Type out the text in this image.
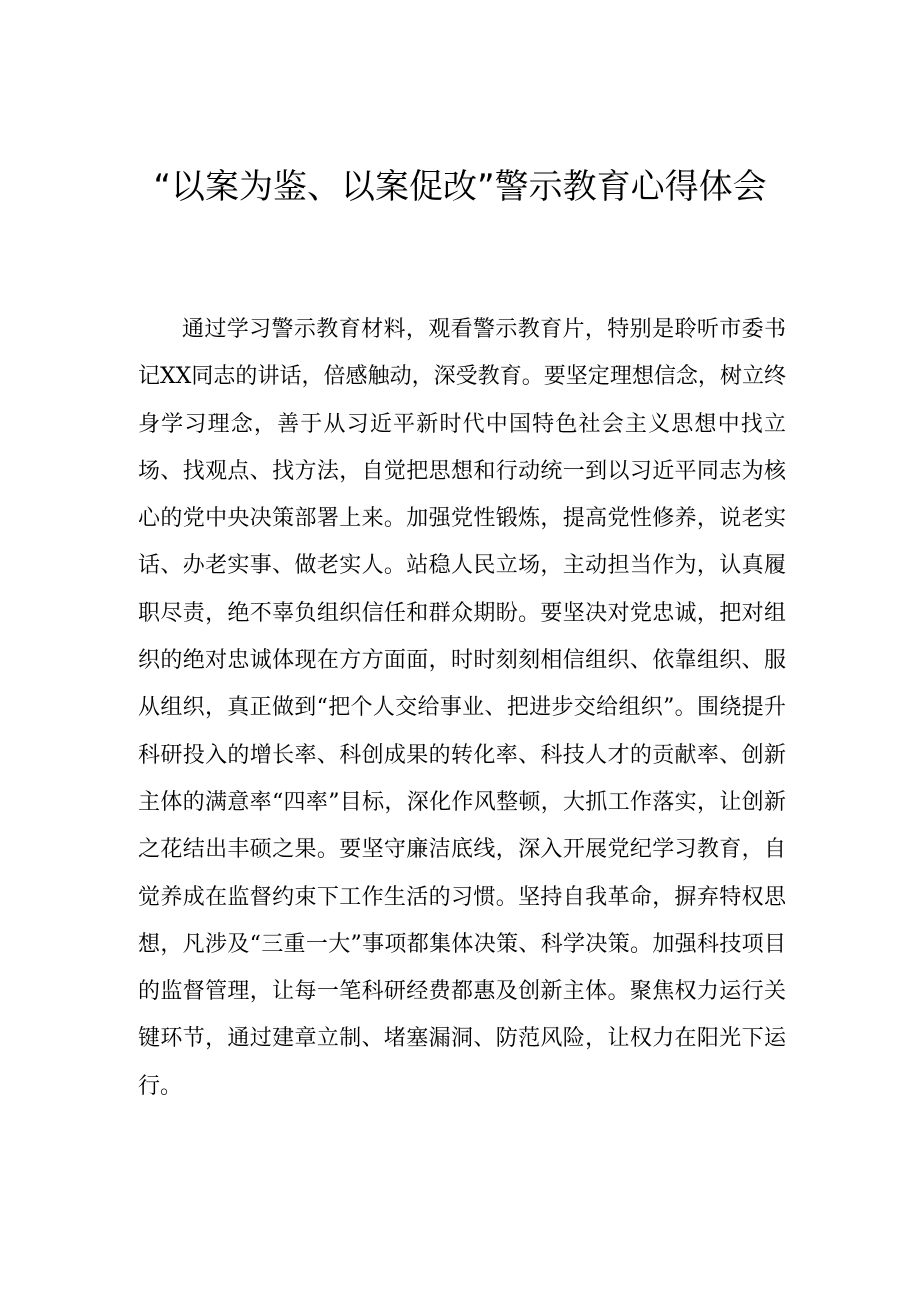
“以案为鉴、以案促改”警示教育心得体会

通过学习警示教育材料，观看警示教育片，特别是聆听市委书记XX同志的讲话，倍感触动，深受教育。要坚定理想信念，树立终身学习理念，善于从习近平新时代中国特色社会主义思想中找立场、找观点、找方法，自觉把思想和行动统一到以习近平同志为核心的党中央决策部署上来。加强党性锻炼，提高党性修养，说老实话、办老实事、做老实人。站稳人民立场，主动担当作为，认真履职尽责，绝不辜负组织信任和群众期盼。要坚决对党忠诚，把对组织的绝对忠诚体现在方方面面，时时刻刻相信组织、依靠组织、服从组织，真正做到“把个人交给事业、把进步交给组织”。围绕提升科研投入的增长率、科创成果的转化率、科技人才的贡献率、创新主体的满意率“四率”目标，深化作风整顿，大抓工作落实，让创新之花结出丰硕之果。要坚守廉洁底线，深入开展党纪学习教育，自觉养成在监督约束下工作生活的习惯。坚持自我革命，摒弃特权思想，凡涉及“三重一大”事项都集体决策、科学决策。加强科技项目的监督管理，让每一笔科研经费都惠及创新主体。聚焦权力运行关键环节，通过建章立制、堵塞漏洞、防范风险，让权力在阳光下运行。
